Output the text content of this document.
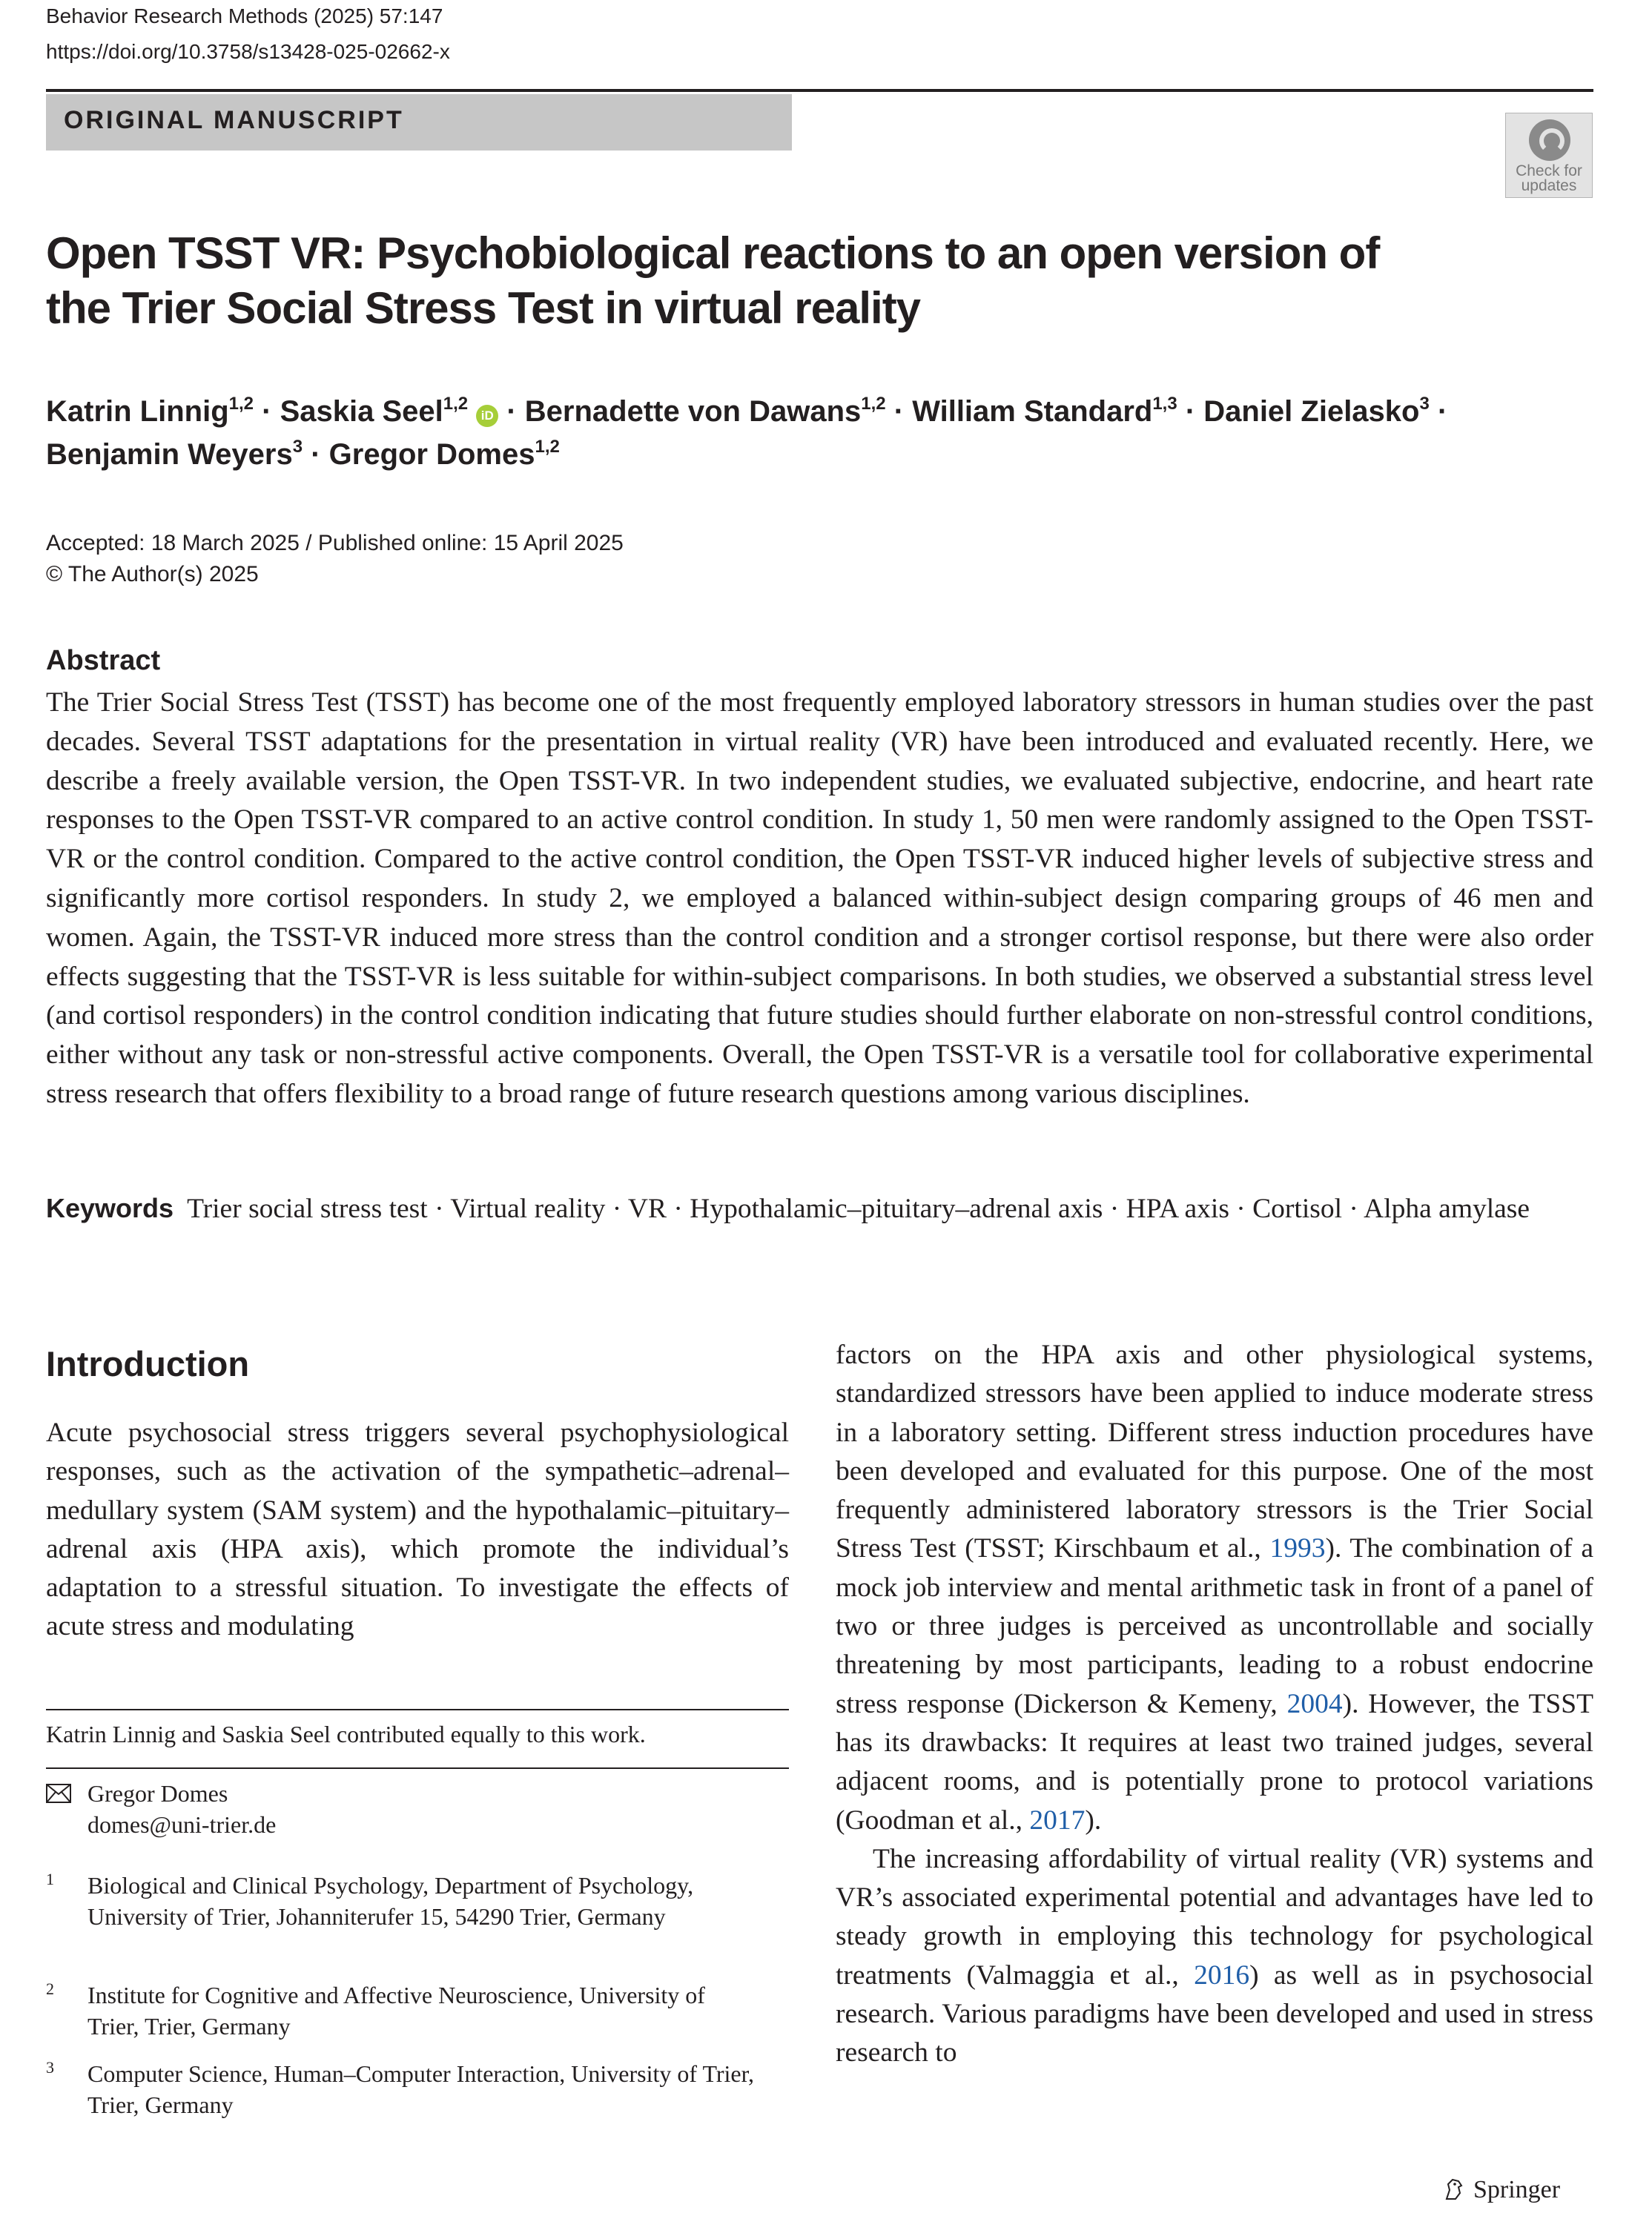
Behavior Research Methods (2025) 57:147
https://doi.org/10.3758/s13428-025-02662-x
ORIGINAL MANUSCRIPT
Check for updates
Open TSST VR: Psychobiological reactions to an open version of the Trier Social Stress Test in virtual reality
Katrin Linnig$^{1,2}$ · Saskia Seel$^{1,2}$ iD · Bernadette von Dawans$^{1,2}$ · William Standard$^{1,3}$ · Daniel Zielasko$^3$ ·
Benjamin Weyers$^3$ · Gregor Domes$^{1,2}$
Accepted: 18 March 2025 / Published online: 15 April 2025
© The Author(s) 2025
Abstract
The Trier Social Stress Test (TSST) has become one of the most frequently employed laboratory stressors in human studies over the past decades. Several TSST adaptations for the presentation in virtual reality (VR) have been introduced and evaluated recently. Here, we describe a freely available version, the Open TSST-VR. In two independent studies, we evaluated subjective, endocrine, and heart rate responses to the Open TSST-VR compared to an active control condition. In study 1, 50 men were randomly assigned to the Open TSST-VR or the control condition. Compared to the active control condition, the Open TSST-VR induced higher levels of subjective stress and significantly more cortisol responders. In study 2, we employed a balanced within-subject design comparing groups of 46 men and women. Again, the TSST-VR induced more stress than the control condition and a stronger cortisol response, but there were also order effects suggesting that the TSST-VR is less suitable for within-subject comparisons. In both studies, we observed a substantial stress level (and cortisol responders) in the control condition indicating that future studies should further elaborate on non-stressful control conditions, either without any task or non-stressful active components. Overall, the Open TSST-VR is a versatile tool for collaborative experimental stress research that offers flexibility to a broad range of future research questions among various disciplines.
Keywords Trier social stress test · Virtual reality · VR · Hypothalamic–pituitary–adrenal axis · HPA axis · Cortisol · Alpha amylase
Introduction

Acute psychosocial stress triggers several psychophysiological responses, such as the activation of the sympathetic–adrenal–medullary system (SAM system) and the hypothalamic–pituitary–adrenal axis (HPA axis), which promote the individual’s adaptation to a stressful situation. To investigate the effects of acute stress and modulating

factors on the HPA axis and other physiological systems, standardized stressors have been applied to induce moderate stress in a laboratory setting. Different stress induction procedures have been developed and evaluated for this purpose. One of the most frequently administered laboratory stressors is the Trier Social Stress Test (TSST; Kirschbaum et al., 1993). The combination of a mock job interview and mental arithmetic task in front of a panel of two or three judges is perceived as uncontrollable and socially threatening by most participants, leading to a robust endocrine stress response (Dickerson & Kemeny, 2004). However, the TSST has its drawbacks: It requires at least two trained judges, several adjacent rooms, and is potentially prone to protocol variations (Goodman et al., 2017).

The increasing affordability of virtual reality (VR) systems and VR’s associated experimental potential and advantages have led to steady growth in employing this technology for psychological treatments (Valmaggia et al., 2016) as well as in psychosocial research. Various paradigms have been developed and used in stress research to

Katrin Linnig and Saskia Seel contributed equally to this work.
Gregor Domes
domes@uni-trier.de
1 Biological and Clinical Psychology, Department of Psychology, University of Trier, Johanniterufer 15, 54290 Trier, Germany
2 Institute for Cognitive and Affective Neuroscience, University of Trier, Trier, Germany
3 Computer Science, Human–Computer Interaction, University of Trier, Trier, Germany
Springer
